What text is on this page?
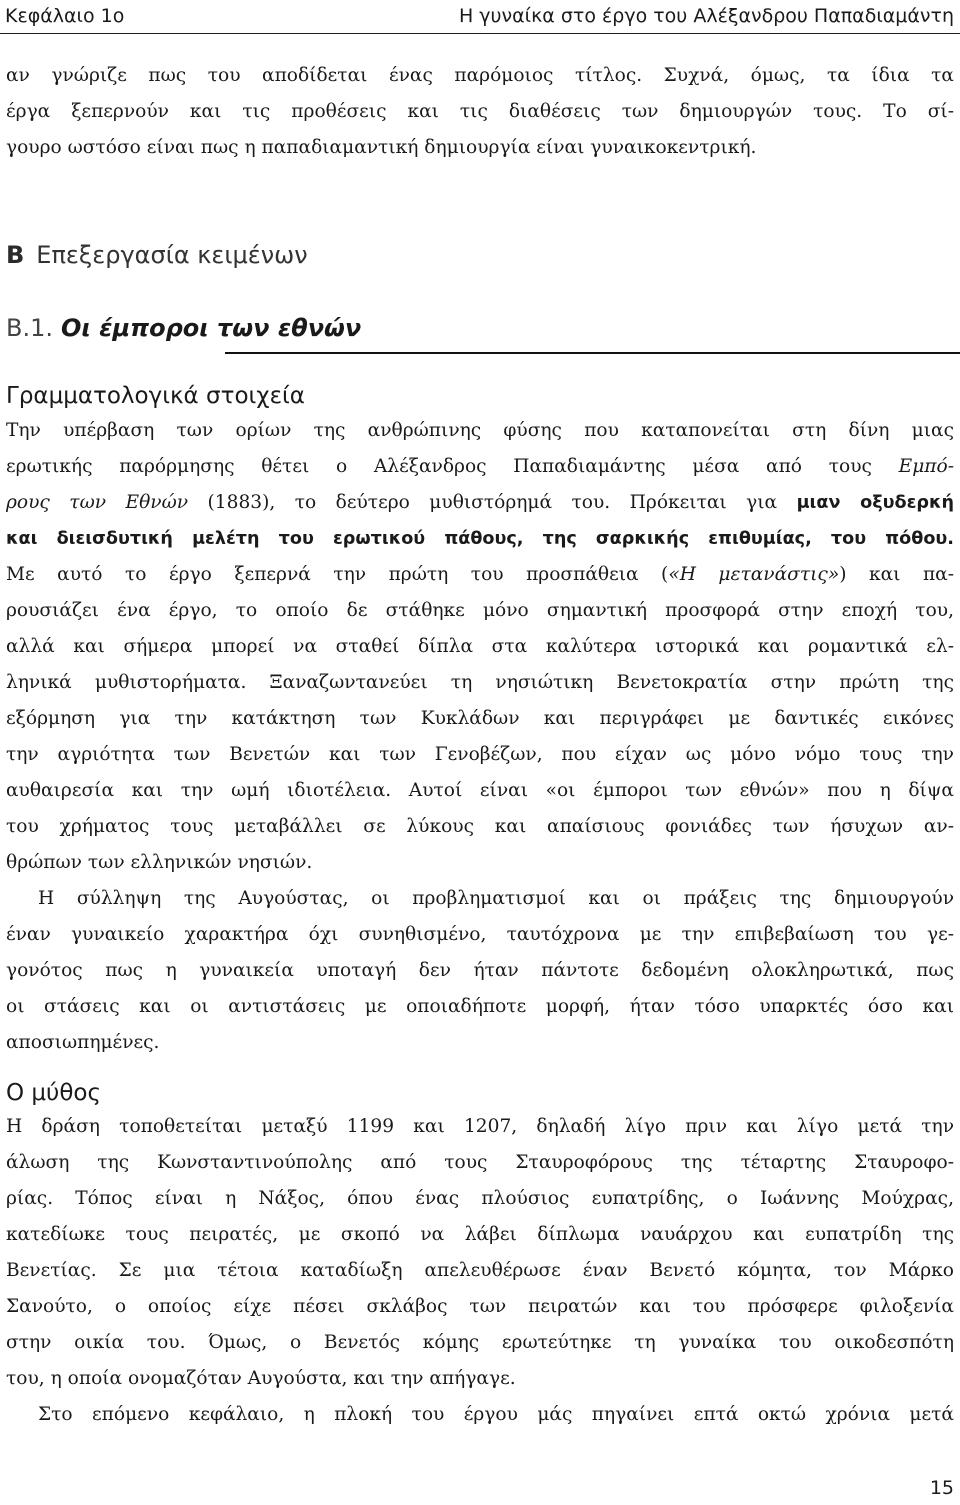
Κεφάλαιο 1ο	Η γυναίκα στο έργο του Αλέξανδρου Παπαδιαμάντη
αν γνώριζε πως του αποδίδεται ένας παρόμοιος τίτλος. Συχνά, όμως, τα ίδια τα
έργα ξεπερνούν και τις προθέσεις και τις διαθέσεις των δημιουργών τους. Το σί-
γουρο ωστόσο είναι πως η παπαδιαμαντική δημιουργία είναι γυναικοκεντρική.
B Επεξεργασία κειμένων
B.1. Οι έμποροι των εθνών
Γραμματολογικά στοιχεία
Την υπέρβαση των ορίων της ανθρώπινης φύσης που καταπονείται στη δίνη μιας
ερωτικής παρόρμησης θέτει ο Αλέξανδρος Παπαδιαμάντης μέσα από τους Εμπό-
ρους των Εθνών (1883), το δεύτερο μυθιστόρημά του. Πρόκειται για μιαν οξυδερκή
και διεισδυτική μελέτη του ερωτικού πάθους, της σαρκικής επιθυμίας, του πόθου.
Με αυτό το έργο ξεπερνά την πρώτη του προσπάθεια («Η μετανάστις») και πα-
ρουσιάζει ένα έργο, το οποίο δε στάθηκε μόνο σημαντική προσφορά στην εποχή του,
αλλά και σήμερα μπορεί να σταθεί δίπλα στα καλύτερα ιστορικά και ρομαντικά ελ-
ληνικά μυθιστορήματα. Ξαναζωντανεύει τη νησιώτικη Βενετοκρατία στην πρώτη της
εξόρμηση για την κατάκτηση των Κυκλάδων και περιγράφει με δαντικές εικόνες
την αγριότητα των Βενετών και των Γενοβέζων, που είχαν ως μόνο νόμο τους την
αυθαιρεσία και την ωμή ιδιοτέλεια. Αυτοί είναι «οι έμποροι των εθνών» που η δίψα
του χρήματος τους μεταβάλλει σε λύκους και απαίσιους φονιάδες των ήσυχων αν-
θρώπων των ελληνικών νησιών.
Η σύλληψη της Αυγούστας, οι προβληματισμοί και οι πράξεις της δημιουργούν
έναν γυναικείο χαρακτήρα όχι συνηθισμένο, ταυτόχρονα με την επιβεβαίωση του γε-
γονότος πως η γυναικεία υποταγή δεν ήταν πάντοτε δεδομένη ολοκληρωτικά, πως
οι στάσεις και οι αντιστάσεις με οποιαδήποτε μορφή, ήταν τόσο υπαρκτές όσο και
αποσιωπημένες.
Ο μύθος
Η δράση τοποθετείται μεταξύ 1199 και 1207, δηλαδή λίγο πριν και λίγο μετά την
άλωση της Κωνσταντινούπολης από τους Σταυροφόρους της τέταρτης Σταυροφο-
ρίας. Τόπος είναι η Νάξος, όπου ένας πλούσιος ευπατρίδης, ο Ιωάννης Μούχρας,
κατεδίωκε τους πειρατές, με σκοπό να λάβει δίπλωμα ναυάρχου και ευπατρίδη της
Βενετίας. Σε μια τέτοια καταδίωξη απελευθέρωσε έναν Βενετό κόμητα, τον Μάρκο
Σανούτο, ο οποίος είχε πέσει σκλάβος των πειρατών και του πρόσφερε φιλοξενία
στην οικία του. Όμως, ο Βενετός κόμης ερωτεύτηκε τη γυναίκα του οικοδεσπότη
του, η οποία ονομαζόταν Αυγούστα, και την απήγαγε.
Στο επόμενο κεφάλαιο, η πλοκή του έργου μάς πηγαίνει επτά οκτώ χρόνια μετά
15
